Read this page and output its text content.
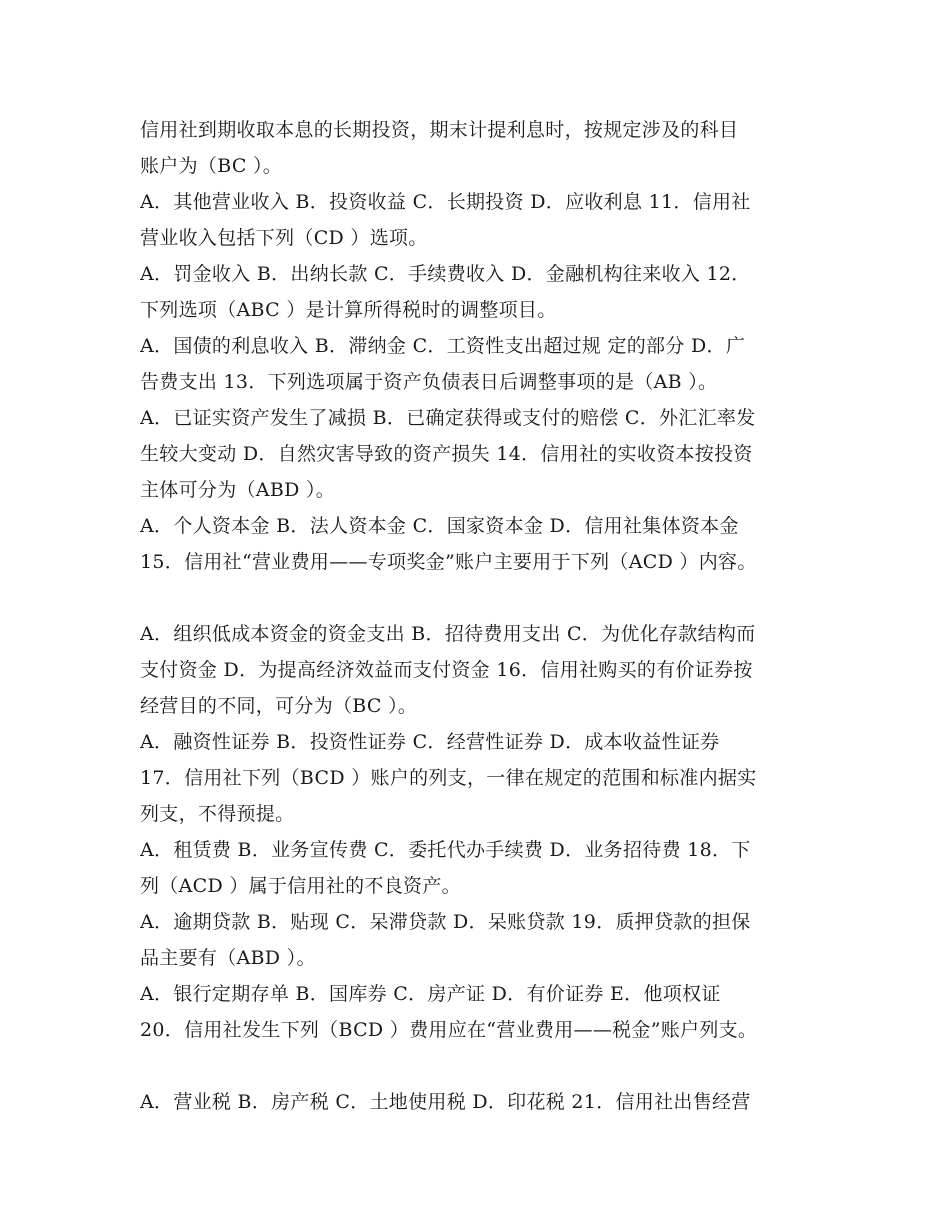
信用社到期收取本息的长期投资，期末计提利息时，按规定涉及的科目
账户为（BC ）。
A．其他营业收入 B．投资收益 C．长期投资 D．应收利息 11．信用社
营业收入包括下列（CD ）选项。
A．罚金收入 B．出纳长款 C．手续费收入 D．金融机构往来收入 12．
下列选项（ABC ）是计算所得税时的调整项目。
A．国债的利息收入 B．滞纳金 C．工资性支出超过规 定的部分 D．广
告费支出 13．下列选项属于资产负债表日后调整事项的是（AB ）。
A．已证实资产发生了减损 B．已确定获得或支付的赔偿 C．外汇汇率发
生较大变动 D．自然灾害导致的资产损失 14．信用社的实收资本按投资
主体可分为（ABD ）。
A．个人资本金 B．法人资本金 C．国家资本金 D．信用社集体资本金
15．信用社“营业费用——专项奖金”账户主要用于下列（ACD ）内容。
A．组织低成本资金的资金支出 B．招待费用支出 C．为优化存款结构而
支付资金 D．为提高经济效益而支付资金 16．信用社购买的有价证券按
经营目的不同，可分为（BC ）。
A．融资性证券 B．投资性证券 C．经营性证券 D．成本收益性证券
17．信用社下列（BCD ）账户的列支，一律在规定的范围和标准内据实
列支，不得预提。
A．租赁费 B．业务宣传费 C．委托代办手续费 D．业务招待费 18．下
列（ACD ）属于信用社的不良资产。
A．逾期贷款 B．贴现 C．呆滞贷款 D．呆账贷款 19．质押贷款的担保
品主要有（ABD ）。
A．银行定期存单 B．国库券 C．房产证 D．有价证券 E．他项权证
20．信用社发生下列（BCD ）费用应在“营业费用——税金”账户列支。
A．营业税 B．房产税 C．土地使用税 D．印花税 21．信用社出售经营
